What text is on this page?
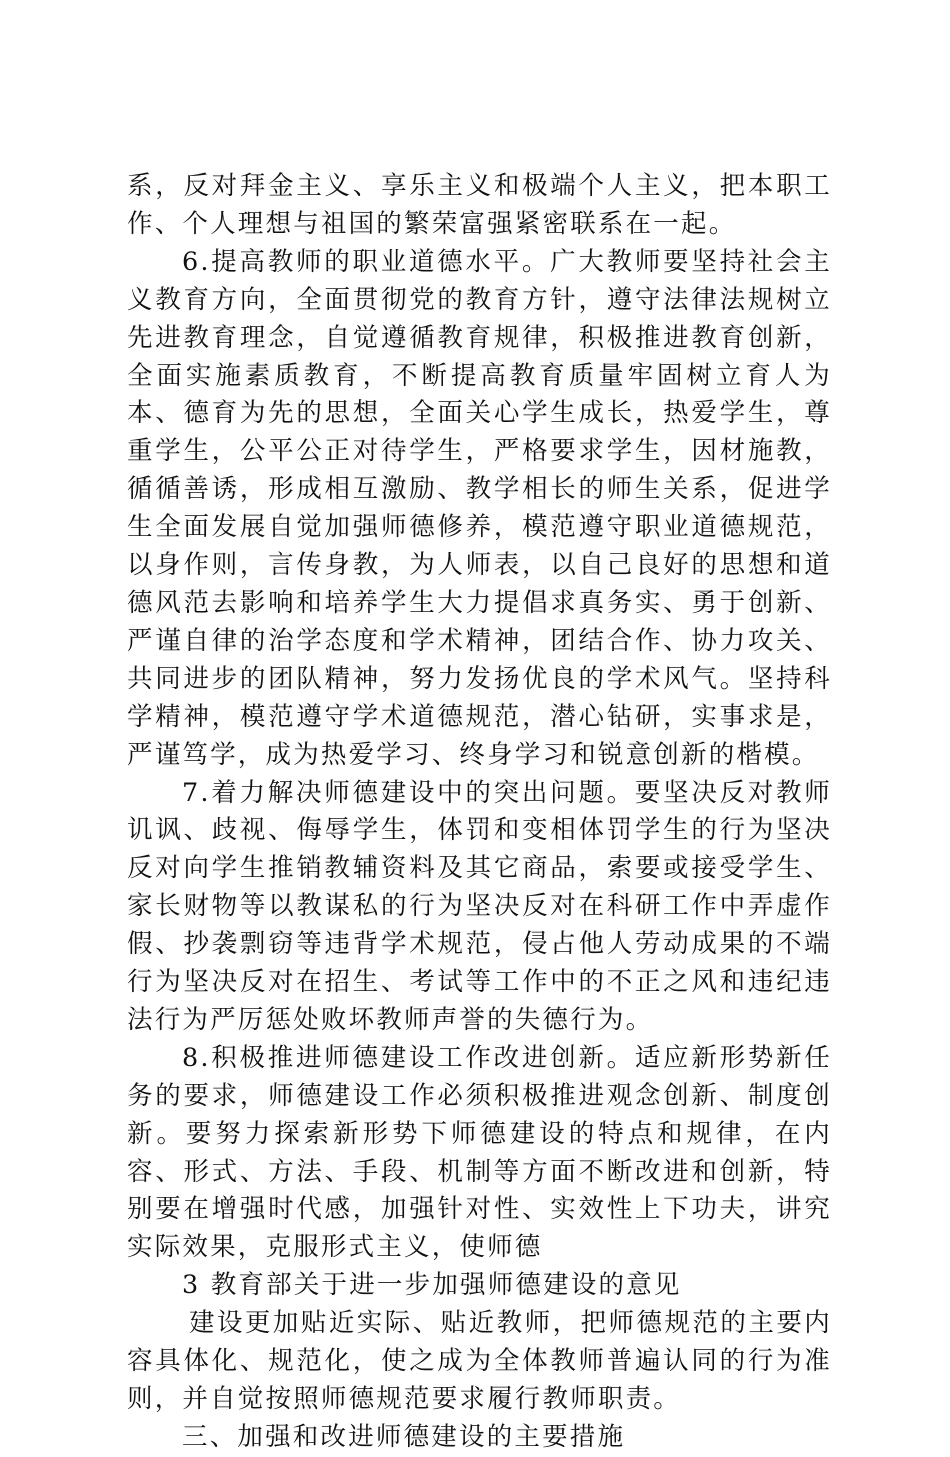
系，反对拜金主义、享乐主义和极端个人主义，把本职工作、个人理想与祖国的繁荣富强紧密联系在一起。

6.提高教师的职业道德水平。广大教师要坚持社会主义教育方向，全面贯彻党的教育方针，遵守法律法规树立先进教育理念，自觉遵循教育规律，积极推进教育创新，全面实施素质教育，不断提高教育质量牢固树立育人为本、德育为先的思想，全面关心学生成长，热爱学生，尊重学生，公平公正对待学生，严格要求学生，因材施教，循循善诱，形成相互激励、教学相长的师生关系，促进学生全面发展自觉加强师德修养，模范遵守职业道德规范，以身作则，言传身教，为人师表，以自己良好的思想和道德风范去影响和培养学生大力提倡求真务实、勇于创新、严谨自律的治学态度和学术精神，团结合作、协力攻关、共同进步的团队精神，努力发扬优良的学术风气。坚持科学精神，模范遵守学术道德规范，潜心钻研，实事求是，严谨笃学，成为热爱学习、终身学习和锐意创新的楷模。

7.着力解决师德建设中的突出问题。要坚决反对教师讥讽、歧视、侮辱学生，体罚和变相体罚学生的行为坚决反对向学生推销教辅资料及其它商品，索要或接受学生、家长财物等以教谋私的行为坚决反对在科研工作中弄虚作假、抄袭剽窃等违背学术规范，侵占他人劳动成果的不端行为坚决反对在招生、考试等工作中的不正之风和违纪违法行为严厉惩处败坏教师声誉的失德行为。

8.积极推进师德建设工作改进创新。适应新形势新任务的要求，师德建设工作必须积极推进观念创新、制度创新。要努力探索新形势下师德建设的特点和规律，在内容、形式、方法、手段、机制等方面不断改进和创新，特别要在增强时代感，加强针对性、实效性上下功夫，讲究实际效果，克服形式主义，使师德

3 教育部关于进一步加强师德建设的意见

建设更加贴近实际、贴近教师，把师德规范的主要内容具体化、规范化，使之成为全体教师普遍认同的行为准则，并自觉按照师德规范要求履行教师职责。

三、加强和改进师德建设的主要措施
